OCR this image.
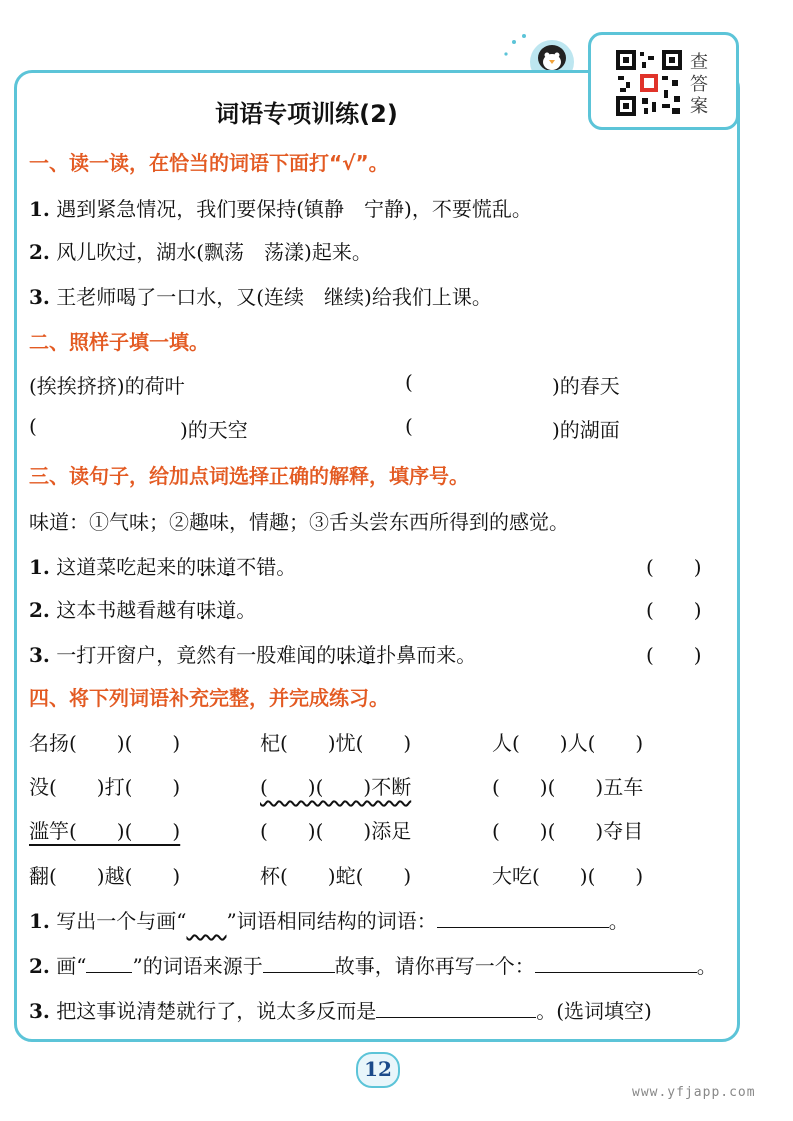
查答案
词语专项训练(2)
一、读一读，在恰当的词语下面打“√”。
1. 遇到紧急情况，我们要保持(镇静　宁静)，不要慌乱。
2. 风儿吹过，湖水(飘荡　荡漾)起来。
3. 王老师喝了一口水，又(连续　继续)给我们上课。
二、照样子填一填。
(挨挨挤挤)的荷叶	(	)的春天
(	)的天空	(	)的湖面
三、读句子，给加点词选择正确的解释，填序号。
味道：①气味；②趣味，情趣；③舌头尝东西所得到的感觉。
1. 这道菜吃起来的味道 • •不错。	(　　)
2. 这本书越看越有味道 • •。	(　　)
3. 一打开窗户，竟然有一股难闻的味道 • •扑鼻而来。	(　　)
四、将下列词语补充完整，并完成练习。
名扬(　　)(　　)	杞(　　)忧(　　)	人(　　)人(　　)
没(　　)打(　　)	(　　)(　　)不断	(　　)(　　)五车
滥竽(　　)(　　)	(　　)(　　)添足	(　　)(　　)夺目
翻(　　)越(　　)	杯(　　)蛇(　　)	大吃(　　)(　　)
1. 写出一个与画“   ”词语相同结构的词语：	。
2. 画“ ”的词语来源于	故事，请你再写一个：	。
3. 把这事说清楚就行了，说太多反而是	。(选词填空)
12
www.yfjapp.com
